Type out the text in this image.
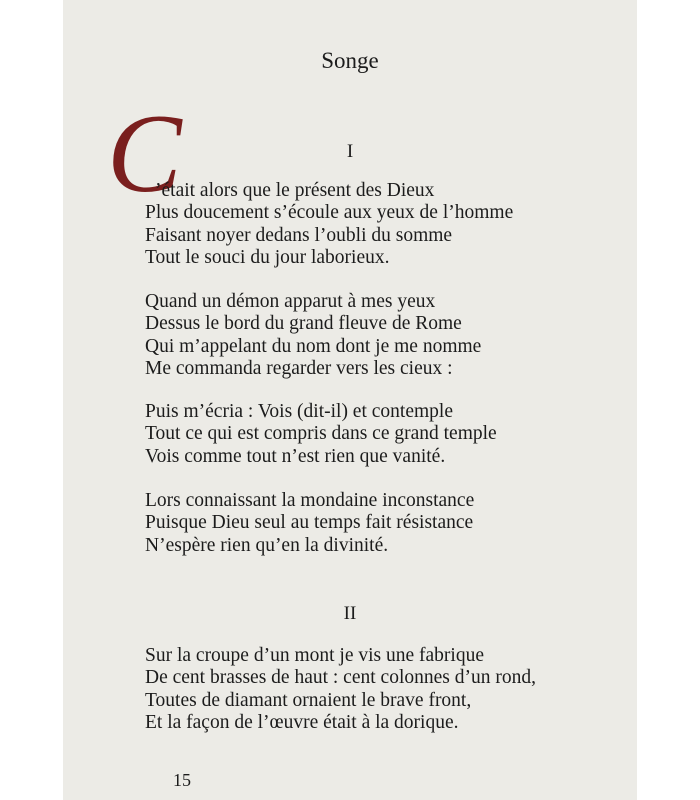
Songe
C	I
’était alors que le présent des Dieux
Plus doucement s’écoule aux yeux de l’homme
Faisant noyer dedans l’oubli du somme
Tout le souci du jour laborieux.
Quand un démon apparut à mes yeux
Dessus le bord du grand fleuve de Rome
Qui m’appelant du nom dont je me nomme
Me commanda regarder vers les cieux :
Puis m’écria : Vois (dit-il) et contemple
Tout ce qui est compris dans ce grand temple
Vois comme tout n’est rien que vanité.
Lors connaissant la mondaine inconstance
Puisque Dieu seul au temps fait résistance
N’espère rien qu’en la divinité.
II
Sur la croupe d’un mont je vis une fabrique
De cent brasses de haut : cent colonnes d’un rond,
Toutes de diamant ornaient le brave front,
Et la façon de l’œuvre était à la dorique.
15
